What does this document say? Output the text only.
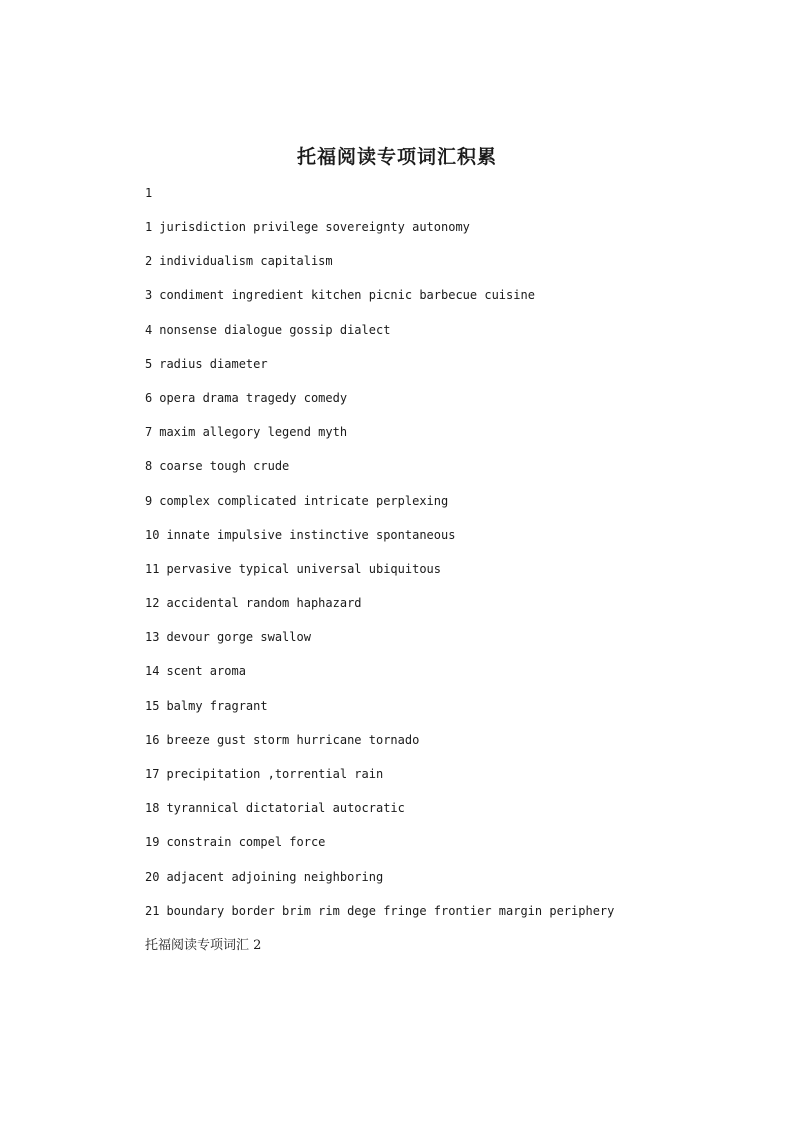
托福阅读专项词汇积累
1
1 jurisdiction privilege sovereignty autonomy
2 individualism capitalism
3 condiment ingredient kitchen picnic barbecue cuisine
4 nonsense dialogue gossip dialect
5 radius diameter
6 opera drama tragedy comedy
7 maxim allegory legend myth
8 coarse tough crude
9 complex complicated intricate perplexing
10 innate impulsive instinctive spontaneous
11 pervasive typical universal ubiquitous
12 accidental random haphazard
13 devour gorge swallow
14 scent aroma
15 balmy fragrant
16 breeze gust storm hurricane tornado
17 precipitation ,torrential rain
18 tyrannical dictatorial autocratic
19 constrain compel force
20 adjacent adjoining neighboring
21 boundary border brim rim dege fringe frontier margin periphery
托福阅读专项词汇 2
